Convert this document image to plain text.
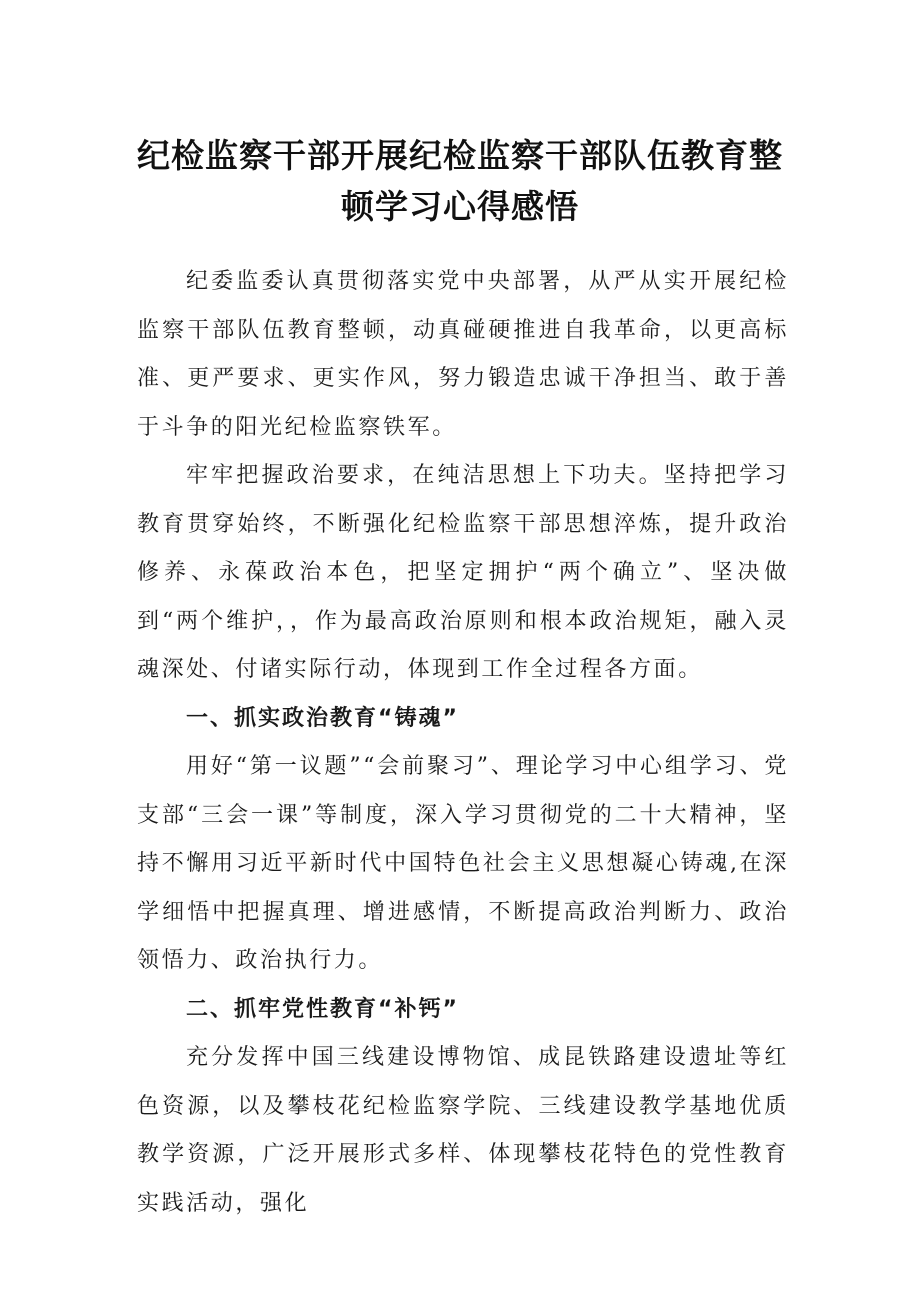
纪检监察干部开展纪检监察干部队伍教育整
顿学习心得感悟

纪委监委认真贯彻落实党中央部署，从严从实开展纪检监察干部队伍教育整顿，动真碰硬推进自我革命，以更高标准、更严要求、更实作风，努力锻造忠诚干净担当、敢于善于斗争的阳光纪检监察铁军。

牢牢把握政治要求，在纯洁思想上下功夫。坚持把学习教育贯穿始终，不断强化纪检监察干部思想淬炼，提升政治修养、永葆政治本色，把坚定拥护“两个确立”、坚决做到“两个维护，，作为最高政治原则和根本政治规矩，融入灵魂深处、付诸实际行动，体现到工作全过程各方面。

一、抓实政治教育“铸魂”

用好“第一议题”“会前聚习”、理论学习中心组学习、党支部“三会一课”等制度，深入学习贯彻党的二十大精神，坚持不懈用习近平新时代中国特色社会主义思想凝心铸魂,在深学细悟中把握真理、增进感情，不断提高政治判断力、政治领悟力、政治执行力。

二、抓牢党性教育“补钙”

充分发挥中国三线建设博物馆、成昆铁路建设遗址等红色资源，以及攀枝花纪检监察学院、三线建设教学基地优质教学资源，广泛开展形式多样、体现攀枝花特色的党性教育实践活动，强化
